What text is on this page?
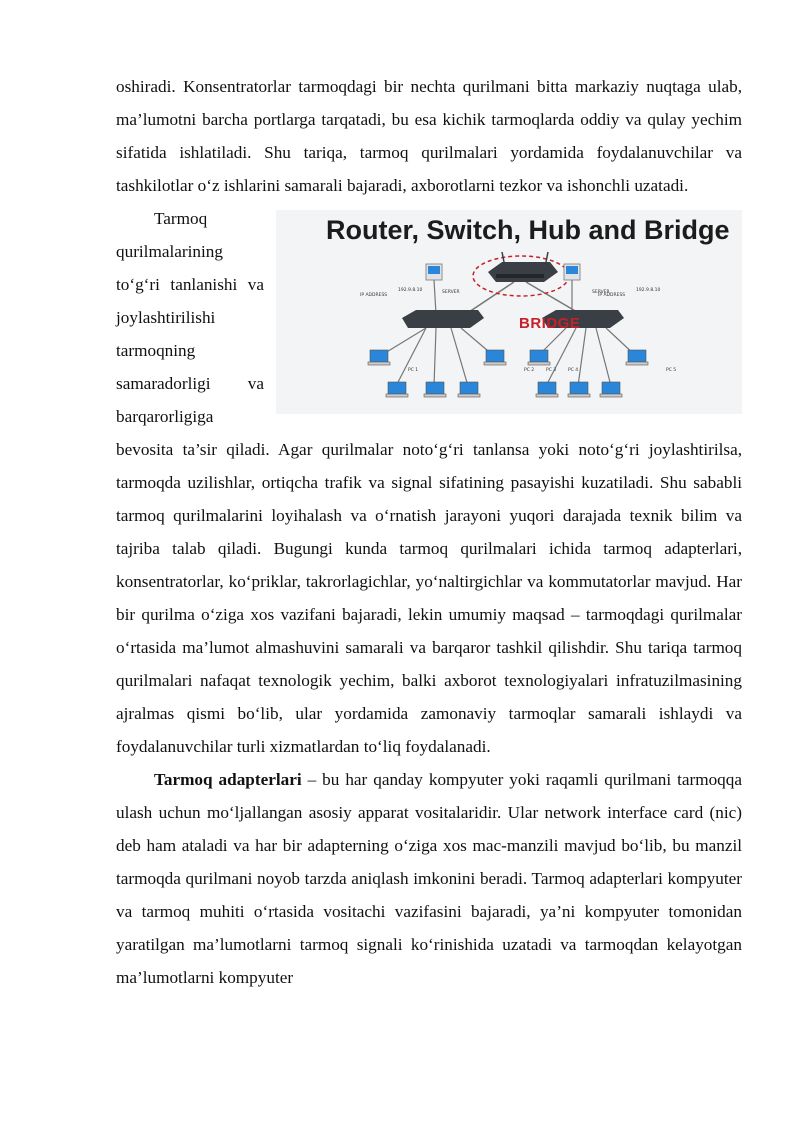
oshiradi. Konsentratorlar tarmoqdagi bir nechta qurilmani bitta markaziy nuqtaga ulab, ma’lumotni barcha portlarga tarqatadi, bu esa kichik tarmoqlarda oddiy va qulay yechim sifatida ishlatiladi. Shu tariqa, tarmoq qurilmalari yordamida foydalanuvchilar va tashkilotlar o‘z ishlarini samarali bajaradi, axborotlarni tezkor va ishonchli uzatadi.

Router, Switch, Hub and Bridge
BRIDGE
192.9.8.10 IP ADDRESS
SERVER	SERVER	192.9.8.10 IP ADDRESS
PC 1	PC 2	PC 3	PC 4	PC 5
Tarmoq qurilmalarining to‘g‘ri tanlanishi va joylashtirilishi tarmoqning samaradorligi va barqarorligiga bevosita ta’sir qiladi. Agar qurilmalar noto‘g‘ri tanlansa yoki noto‘g‘ri joylashtirilsa, tarmoqda uzilishlar, ortiqcha trafik va signal sifatining pasayishi kuzatiladi. Shu sababli tarmoq qurilmalarini loyihalash va o‘rnatish jarayoni yuqori darajada texnik bilim va tajriba talab qiladi. Bugungi kunda tarmoq qurilmalari ichida tarmoq adapterlari, konsentratorlar, ko‘priklar, takrorlagichlar, yo‘naltirgichlar va kommutatorlar mavjud. Har bir qurilma o‘ziga xos vazifani bajaradi, lekin umumiy maqsad – tarmoqdagi qurilmalar o‘rtasida ma’lumot almashuvini samarali va barqaror tashkil qilishdir. Shu tariqa tarmoq qurilmalari nafaqat texnologik yechim, balki axborot texnologiyalari infratuzilmasining ajralmas qismi bo‘lib, ular yordamida zamonaviy tarmoqlar samarali ishlaydi va foydalanuvchilar turli xizmatlardan to‘liq foydalanadi.

Tarmoq adapterlari – bu har qanday kompyuter yoki raqamli qurilmani tarmoqqa ulash uchun mo‘ljallangan asosiy apparat vositalaridir. Ular network interface card (nic) deb ham ataladi va har bir adapterning o‘ziga xos mac-manzili mavjud bo‘lib, bu manzil tarmoqda qurilmani noyob tarzda aniqlash imkonini beradi. Tarmoq adapterlari kompyuter va tarmoq muhiti o‘rtasida vositachi vazifasini bajaradi, ya’ni kompyuter tomonidan yaratilgan ma’lumotlarni tarmoq signali ko‘rinishida uzatadi va tarmoqdan kelayotgan ma’lumotlarni kompyuter
